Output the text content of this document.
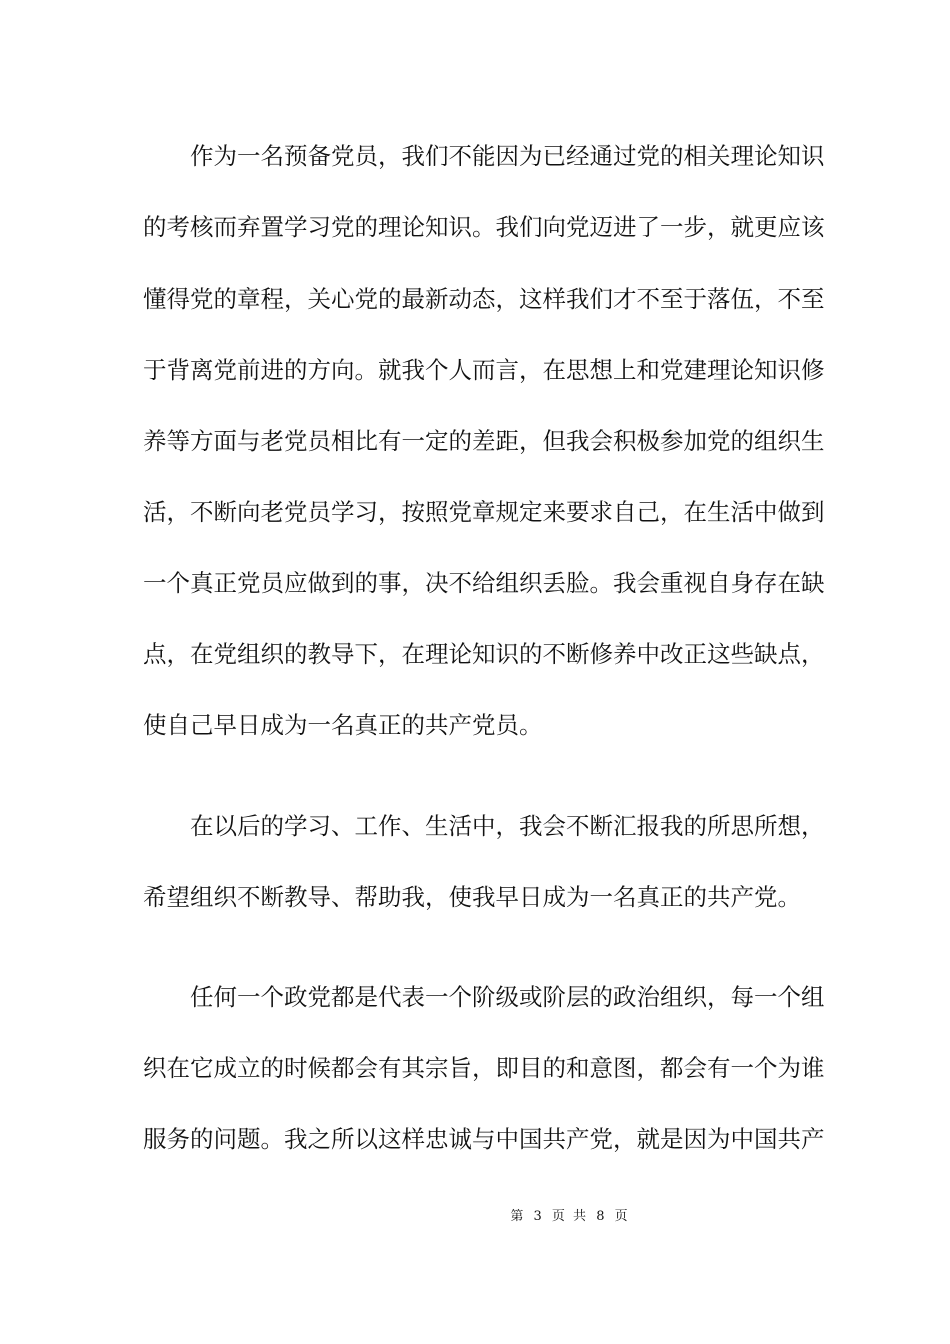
作为一名预备党员，我们不能因为已经通过党的相关理论知识
的考核而弃置学习党的理论知识。我们向党迈进了一步，就更应该
懂得党的章程，关心党的最新动态，这样我们才不至于落伍，不至
于背离党前进的方向。就我个人而言，在思想上和党建理论知识修
养等方面与老党员相比有一定的差距，但我会积极参加党的组织生
活，不断向老党员学习，按照党章规定来要求自己，在生活中做到
一个真正党员应做到的事，决不给组织丢脸。我会重视自身存在缺
点，在党组织的教导下，在理论知识的不断修养中改正这些缺点，
使自己早日成为一名真正的共产党员。
在以后的学习、工作、生活中，我会不断汇报我的所思所想，
希望组织不断教导、帮助我，使我早日成为一名真正的共产党。
任何一个政党都是代表一个阶级或阶层的政治组织，每一个组
织在它成立的时候都会有其宗旨，即目的和意图，都会有一个为谁
服务的问题。我之所以这样忠诚与中国共产党，就是因为中国共产
第 3 页 共 8 页
